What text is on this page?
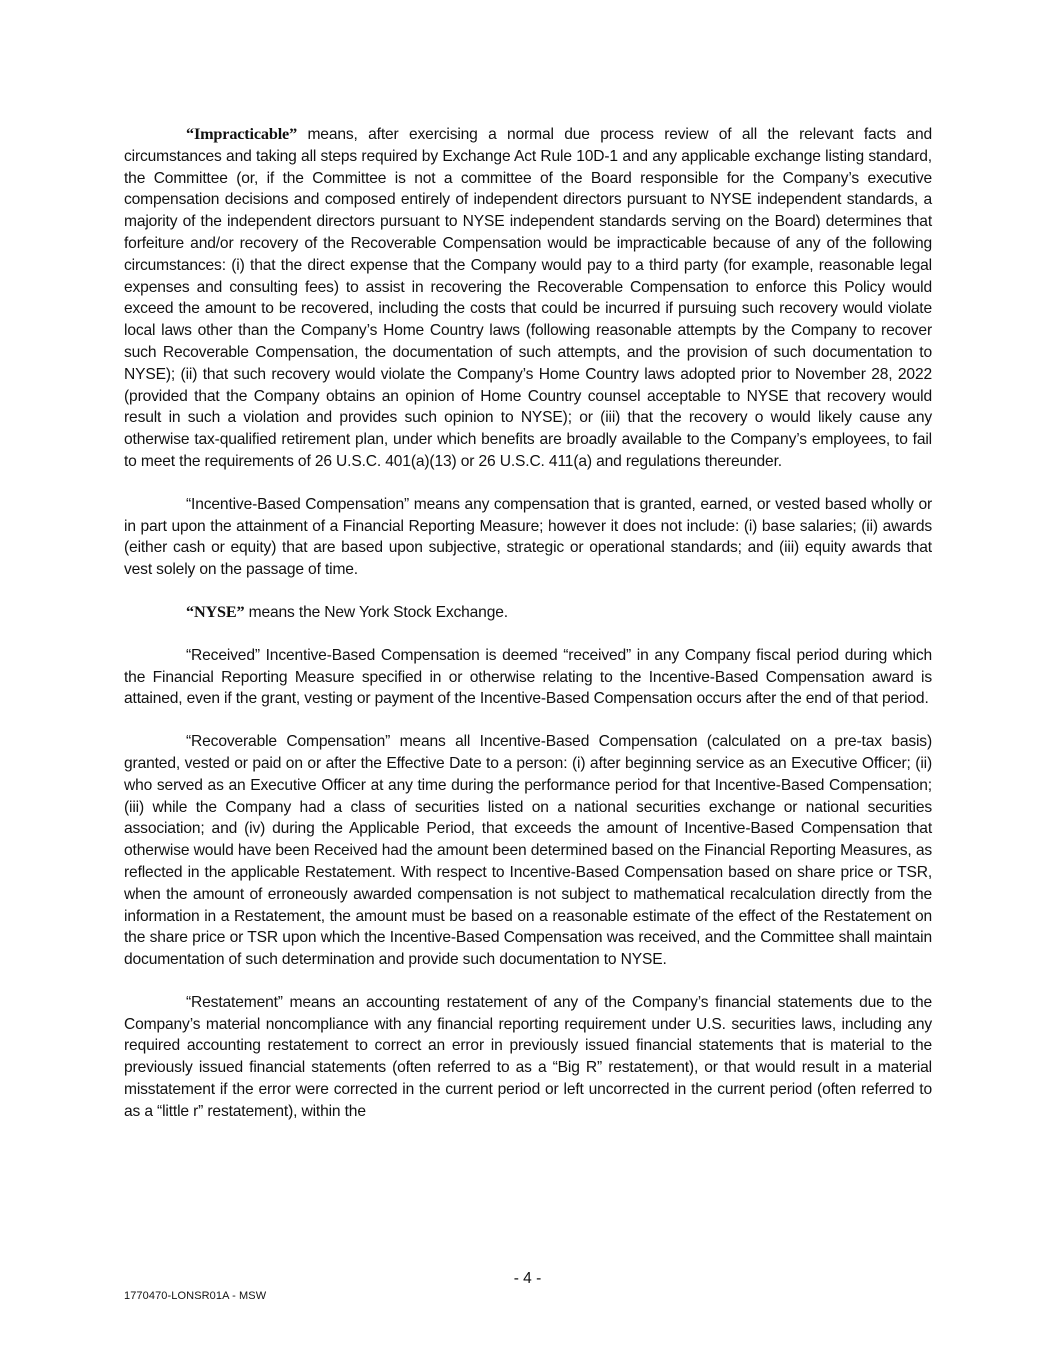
“Impracticable” means, after exercising a normal due process review of all the relevant facts and circumstances and taking all steps required by Exchange Act Rule 10D-1 and any applicable exchange listing standard, the Committee (or, if the Committee is not a committee of the Board responsible for the Company’s executive compensation decisions and composed entirely of independent directors pursuant to NYSE independent standards, a majority of the independent directors pursuant to NYSE independent standards serving on the Board) determines that forfeiture and/or recovery of the Recoverable Compensation would be impracticable because of any of the following circumstances: (i) that the direct expense that the Company would pay to a third party (for example, reasonable legal expenses and consulting fees) to assist in recovering the Recoverable Compensation to enforce this Policy would exceed the amount to be recovered, including the costs that could be incurred if pursuing such recovery would violate local laws other than the Company’s Home Country laws (following reasonable attempts by the Company to recover such Recoverable Compensation, the documentation of such attempts, and the provision of such documentation to NYSE); (ii) that such recovery would violate the Company’s Home Country laws adopted prior to November 28, 2022 (provided that the Company obtains an opinion of Home Country counsel acceptable to NYSE that recovery would result in such a violation and provides such opinion to NYSE); or (iii) that the recovery o would likely cause any otherwise tax-qualified retirement plan, under which benefits are broadly available to the Company’s employees, to fail to meet the requirements of 26 U.S.C. 401(a)(13) or 26 U.S.C. 411(a) and regulations thereunder.

“Incentive-Based Compensation” means any compensation that is granted, earned, or vested based wholly or in part upon the attainment of a Financial Reporting Measure; however it does not include: (i) base salaries; (ii) awards (either cash or equity) that are based upon subjective, strategic or operational standards; and (iii) equity awards that vest solely on the passage of time.

“NYSE” means the New York Stock Exchange.

“Received” Incentive-Based Compensation is deemed “received” in any Company fiscal period during which the Financial Reporting Measure specified in or otherwise relating to the Incentive-Based Compensation award is attained, even if the grant, vesting or payment of the Incentive-Based Compensation occurs after the end of that period.

“Recoverable Compensation” means all Incentive-Based Compensation (calculated on a pre-tax basis) granted, vested or paid on or after the Effective Date to a person: (i) after beginning service as an Executive Officer; (ii) who served as an Executive Officer at any time during the performance period for that Incentive-Based Compensation; (iii) while the Company had a class of securities listed on a national securities exchange or national securities association; and (iv) during the Applicable Period, that exceeds the amount of Incentive-Based Compensation that otherwise would have been Received had the amount been determined based on the Financial Reporting Measures, as reflected in the applicable Restatement. With respect to Incentive-Based Compensation based on share price or TSR, when the amount of erroneously awarded compensation is not subject to mathematical recalculation directly from the information in a Restatement, the amount must be based on a reasonable estimate of the effect of the Restatement on the share price or TSR upon which the Incentive-Based Compensation was received, and the Committee shall maintain documentation of such determination and provide such documentation to NYSE.

“Restatement” means an accounting restatement of any of the Company’s financial statements due to the Company’s material noncompliance with any financial reporting requirement under U.S. securities laws, including any required accounting restatement to correct an error in previously issued financial statements that is material to the previously issued financial statements (often referred to as a “Big R” restatement), or that would result in a material misstatement if the error were corrected in the current period or left uncorrected in the current period (often referred to as a “little r” restatement), within the

- 4 -
1770470-LONSR01A - MSW
